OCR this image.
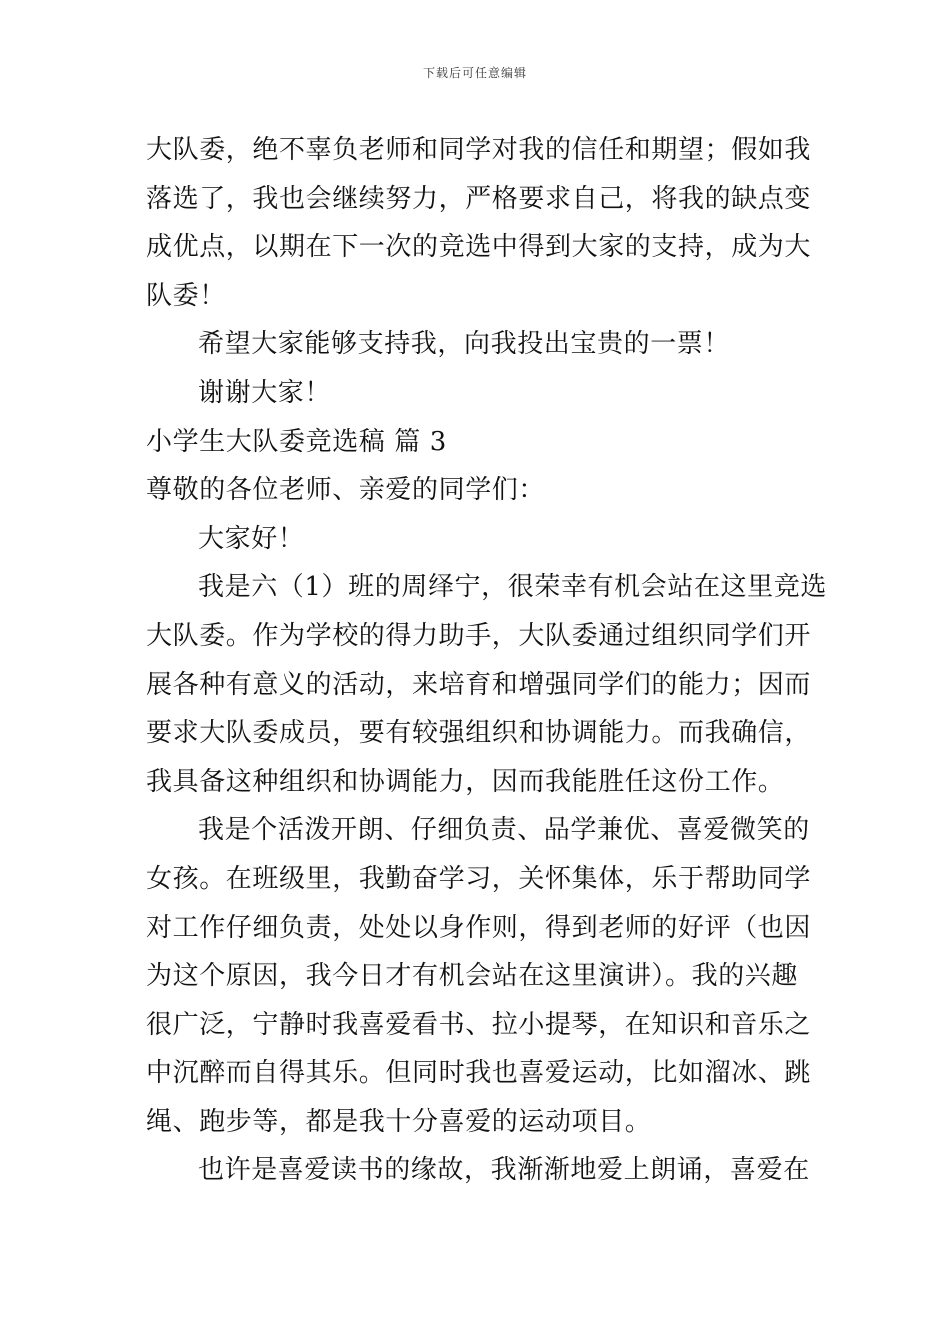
下载后可任意编辑
大队委，绝不辜负老师和同学对我的信任和期望；假如我
落选了，我也会继续努力，严格要求自己，将我的缺点变
成优点，以期在下一次的竞选中得到大家的支持，成为大
队委！
希望大家能够支持我，向我投出宝贵的一票！
谢谢大家！
小学生大队委竞选稿 篇 3
尊敬的各位老师、亲爱的同学们：
大家好！
我是六（1）班的周绎宁，很荣幸有机会站在这里竞选
大队委。作为学校的得力助手，大队委通过组织同学们开
展各种有意义的活动，来培育和增强同学们的能力；因而
要求大队委成员，要有较强组织和协调能力。而我确信，
我具备这种组织和协调能力，因而我能胜任这份工作。
我是个活泼开朗、仔细负责、品学兼优、喜爱微笑的
女孩。在班级里，我勤奋学习，关怀集体，乐于帮助同学
对工作仔细负责，处处以身作则，得到老师的好评（也因
为这个原因，我今日才有机会站在这里演讲）。我的兴趣
很广泛，宁静时我喜爱看书、拉小提琴，在知识和音乐之
中沉醉而自得其乐。但同时我也喜爱运动，比如溜冰、跳
绳、跑步等，都是我十分喜爱的运动项目。
也许是喜爱读书的缘故，我渐渐地爱上朗诵，喜爱在
